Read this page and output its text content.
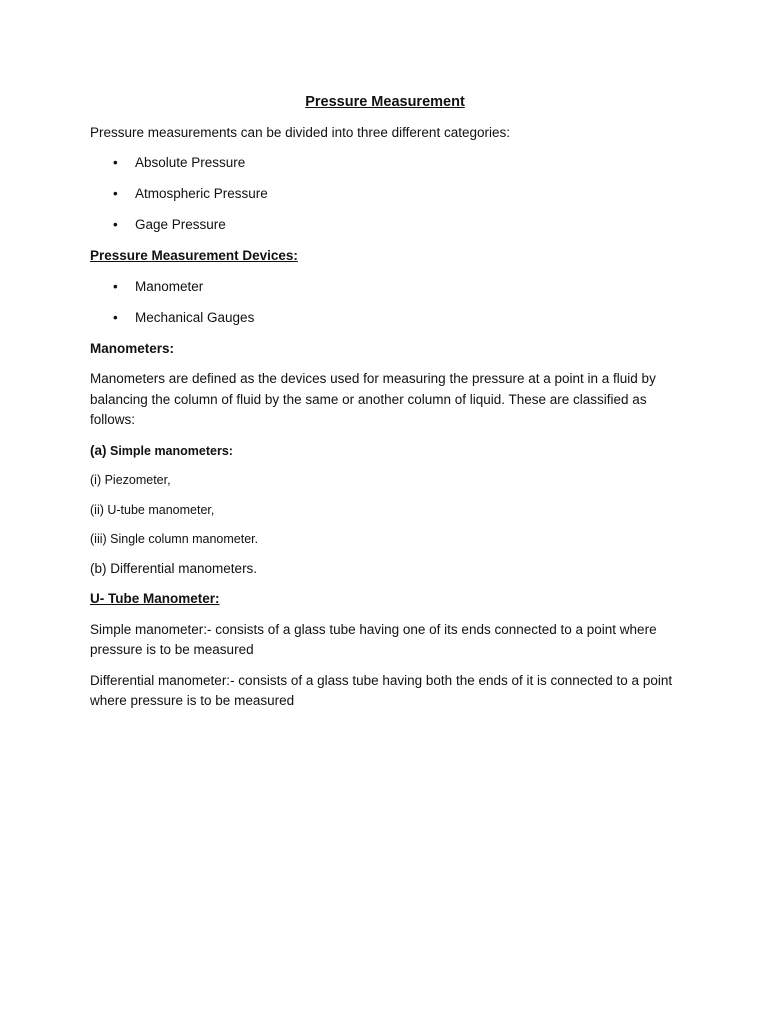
Pressure Measurement

Pressure measurements can be divided into three different categories:

• Absolute Pressure
• Atmospheric Pressure
• Gage Pressure

Pressure Measurement Devices:

• Manometer
• Mechanical Gauges

Manometers:

Manometers are defined as the devices used for measuring the pressure at a point in a fluid by balancing the column of fluid by the same or another column of liquid. These are classified as follows:

(a) Simple manometers:

(i) Piezometer,

(ii) U-tube manometer,

(iii) Single column manometer.

(b) Differential manometers.

U- Tube Manometer:

Simple manometer:- consists of a glass tube having one of its ends connected to a point where pressure is to be measured

Differential manometer:- consists of a glass tube having both the ends of it is connected to a point where pressure is to be measured
